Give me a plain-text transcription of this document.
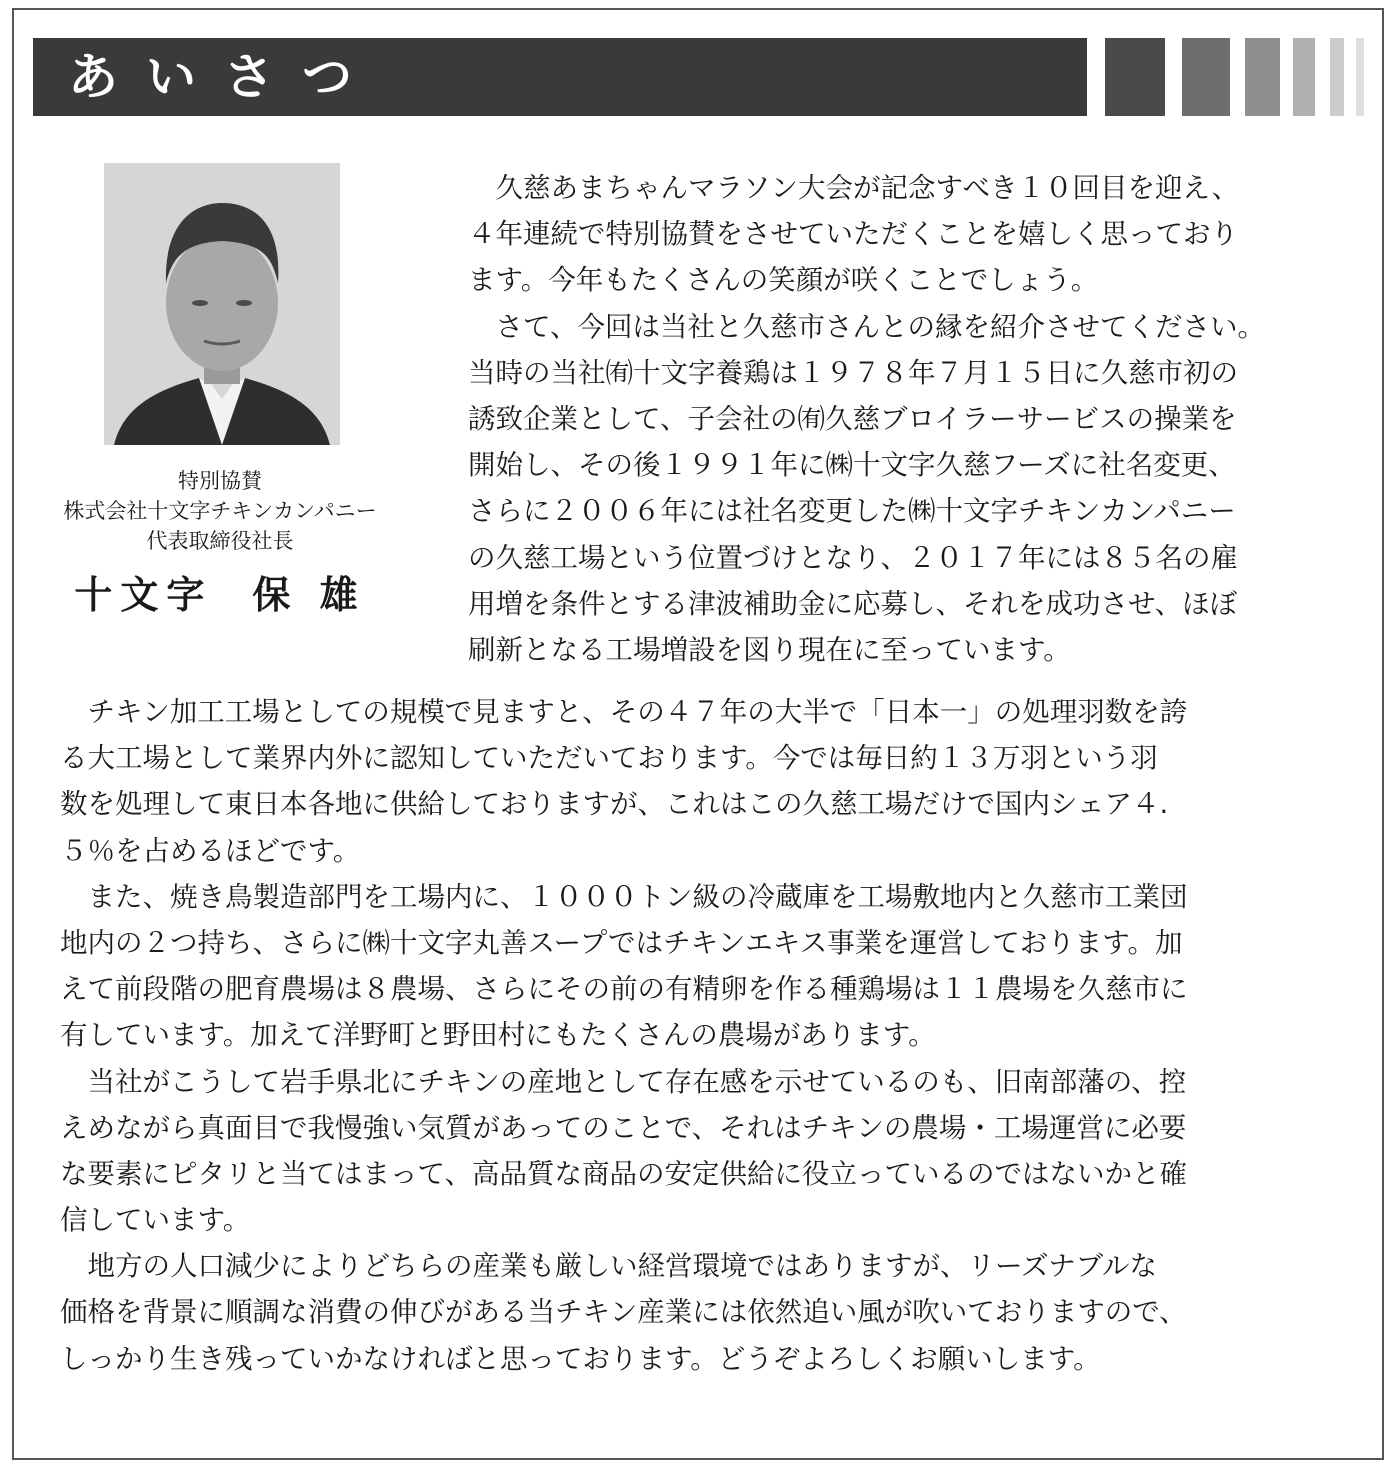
あいさつ
特別協賛
株式会社十文字チキンカンパニー
代表取締役社長
十文字 保 雄
　久慈あまちゃんマラソン大会が記念すべき１０回目を迎え、
４年連続で特別協賛をさせていただくことを嬉しく思っており
ます。今年もたくさんの笑顔が咲くことでしょう。
　さて、今回は当社と久慈市さんとの縁を紹介させてください。
当時の当社㈲十文字養鶏は１９７８年７月１５日に久慈市初の
誘致企業として、子会社の㈲久慈ブロイラーサービスの操業を
開始し、その後１９９１年に㈱十文字久慈フーズに社名変更、
さらに２００６年には社名変更した㈱十文字チキンカンパニー
の久慈工場という位置づけとなり、２０１７年には８５名の雇
用増を条件とする津波補助金に応募し、それを成功させ、ほぼ
刷新となる工場増設を図り現在に至っています。
　チキン加工工場としての規模で見ますと、その４７年の大半で「日本一」の処理羽数を誇
る大工場として業界内外に認知していただいております。今では毎日約１３万羽という羽
数を処理して東日本各地に供給しておりますが、これはこの久慈工場だけで国内シェア４.
５％を占めるほどです。
　また、焼き鳥製造部門を工場内に、１０００トン級の冷蔵庫を工場敷地内と久慈市工業団
地内の２つ持ち、さらに㈱十文字丸善スープではチキンエキス事業を運営しております。加
えて前段階の肥育農場は８農場、さらにその前の有精卵を作る種鶏場は１１農場を久慈市に
有しています。加えて洋野町と野田村にもたくさんの農場があります。
　当社がこうして岩手県北にチキンの産地として存在感を示せているのも、旧南部藩の、控
えめながら真面目で我慢強い気質があってのことで、それはチキンの農場・工場運営に必要
な要素にピタリと当てはまって、高品質な商品の安定供給に役立っているのではないかと確
信しています。
　地方の人口減少によりどちらの産業も厳しい経営環境ではありますが、リーズナブルな
価格を背景に順調な消費の伸びがある当チキン産業には依然追い風が吹いておりますので、
しっかり生き残っていかなければと思っております。どうぞよろしくお願いします。
